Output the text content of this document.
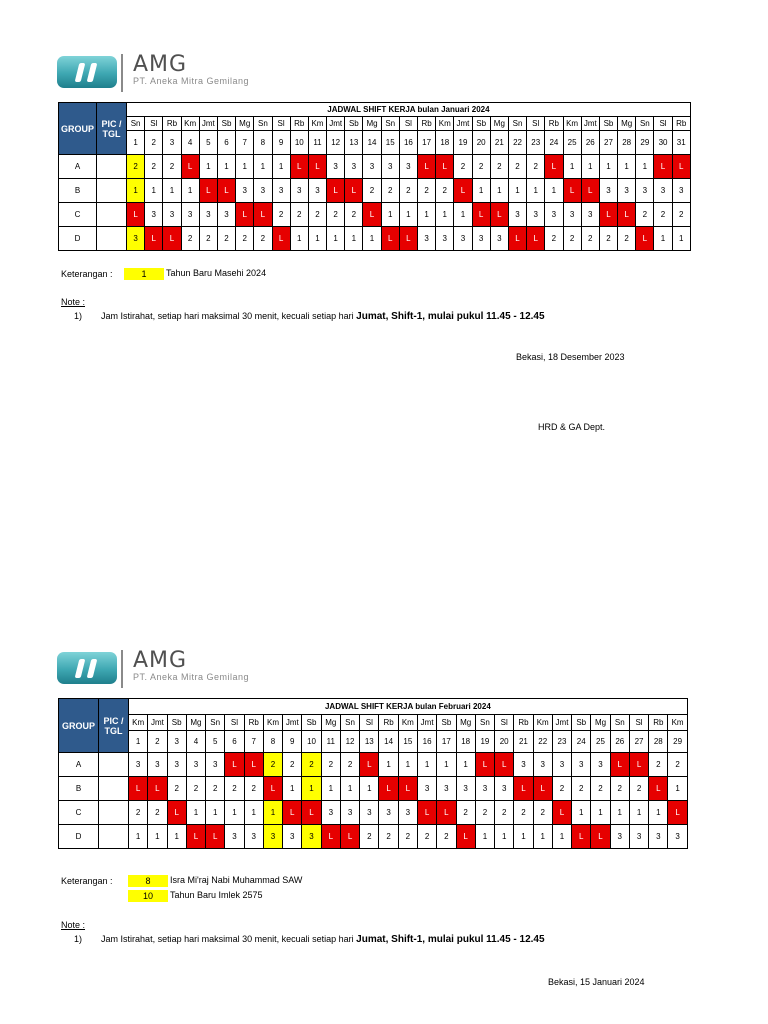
AMG
PT. Aneka Mitra Gemilang
GROUP	PIC / TGL	JADWAL SHIFT KERJA bulan Januari 2024																														
		Sn	Sl	Rb	Km	Jmt	Sb	Mg	Sn	Sl	Rb	Km	Jmt	Sb	Mg	Sn	Sl	Rb	Km	Jmt	Sb	Mg	Sn	Sl	Rb	Km	Jmt	Sb	Mg	Sn	Sl	Rb
		1	2	3	4	5	6	7	8	9	10	11	12	13	14	15	16	17	18	19	20	21	22	23	24	25	26	27	28	29	30	31
A		2	2	2	L	1	1	1	1	1	L	L	3	3	3	3	3	L	L	2	2	2	2	2	L	1	1	1	1	1	L	L
B		1	1	1	1	L	L	3	3	3	3	3	L	L	2	2	2	2	2	L	1	1	1	1	1	L	L	3	3	3	3	3
C		L	3	3	3	3	3	L	L	2	2	2	2	2	L	1	1	1	1	1	L	L	3	3	3	3	3	L	L	2	2	2
D		3	L	L	2	2	2	2	2	L	1	1	1	1	1	L	L	3	3	3	3	3	L	L	2	2	2	2	2	L	1	1
Keterangan :	1	Tahun Baru Masehi 2024
Note :
1) Jam Istirahat, setiap hari maksimal 30 menit, kecuali setiap hari Jumat, Shift-1, mulai pukul 11.45 - 12.45
Bekasi, 18 Desember 2023
HRD & GA Dept.
AMG
PT. Aneka Mitra Gemilang
GROUP	PIC / TGL	JADWAL SHIFT KERJA bulan Februari 2024																												
		Km	Jmt	Sb	Mg	Sn	Sl	Rb	Km	Jmt	Sb	Mg	Sn	Sl	Rb	Km	Jmt	Sb	Mg	Sn	Sl	Rb	Km	Jmt	Sb	Mg	Sn	Sl	Rb	Km
		1	2	3	4	5	6	7	8	9	10	11	12	13	14	15	16	17	18	19	20	21	22	23	24	25	26	27	28	29
A		3	3	3	3	3	L	L	2	2	2	2	2	L	1	1	1	1	1	L	L	3	3	3	3	3	L	L	2	2
B		L	L	2	2	2	2	2	L	1	1	1	1	1	L	L	3	3	3	3	3	L	L	2	2	2	2	2	L	1
C		2	2	L	1	1	1	1	1	L	L	3	3	3	3	3	L	L	2	2	2	2	2	L	1	1	1	1	1	L
D		1	1	1	L	L	3	3	3	3	3	L	L	2	2	2	2	2	L	1	1	1	1	1	L	L	3	3	3	3
Keterangan :	8	Isra Mi'raj Nabi Muhammad SAW
10	Tahun Baru Imlek 2575
Note :
1) Jam Istirahat, setiap hari maksimal 30 menit, kecuali setiap hari Jumat, Shift-1, mulai pukul 11.45 - 12.45
Bekasi, 15 Januari 2024
